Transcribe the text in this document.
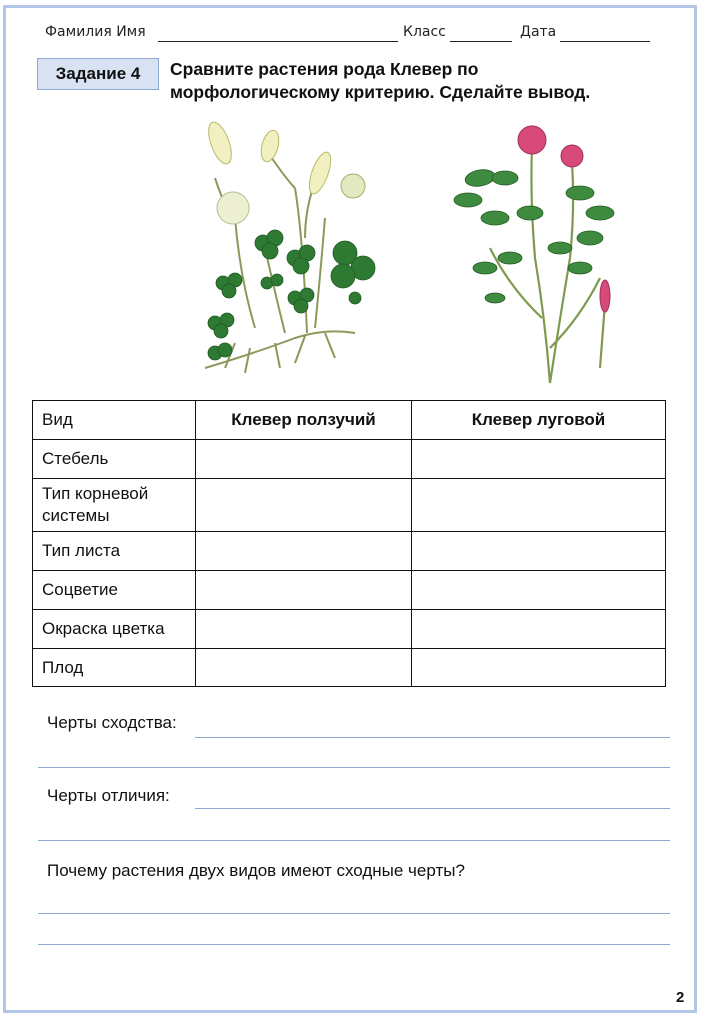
Фамилия Имя	Класс	Дата
Задание 4	Сравните растения рода Клевер по морфологическому критерию. Сделайте вывод.
Вид	Клевер ползучий	Клевер луговой
Стебель		
Тип корневой системы		
Тип листа		
Соцветие		
Окраска цветка		
Плод		
Черты сходства:
Черты отличия:
Почему растения двух видов имеют сходные черты?
2
